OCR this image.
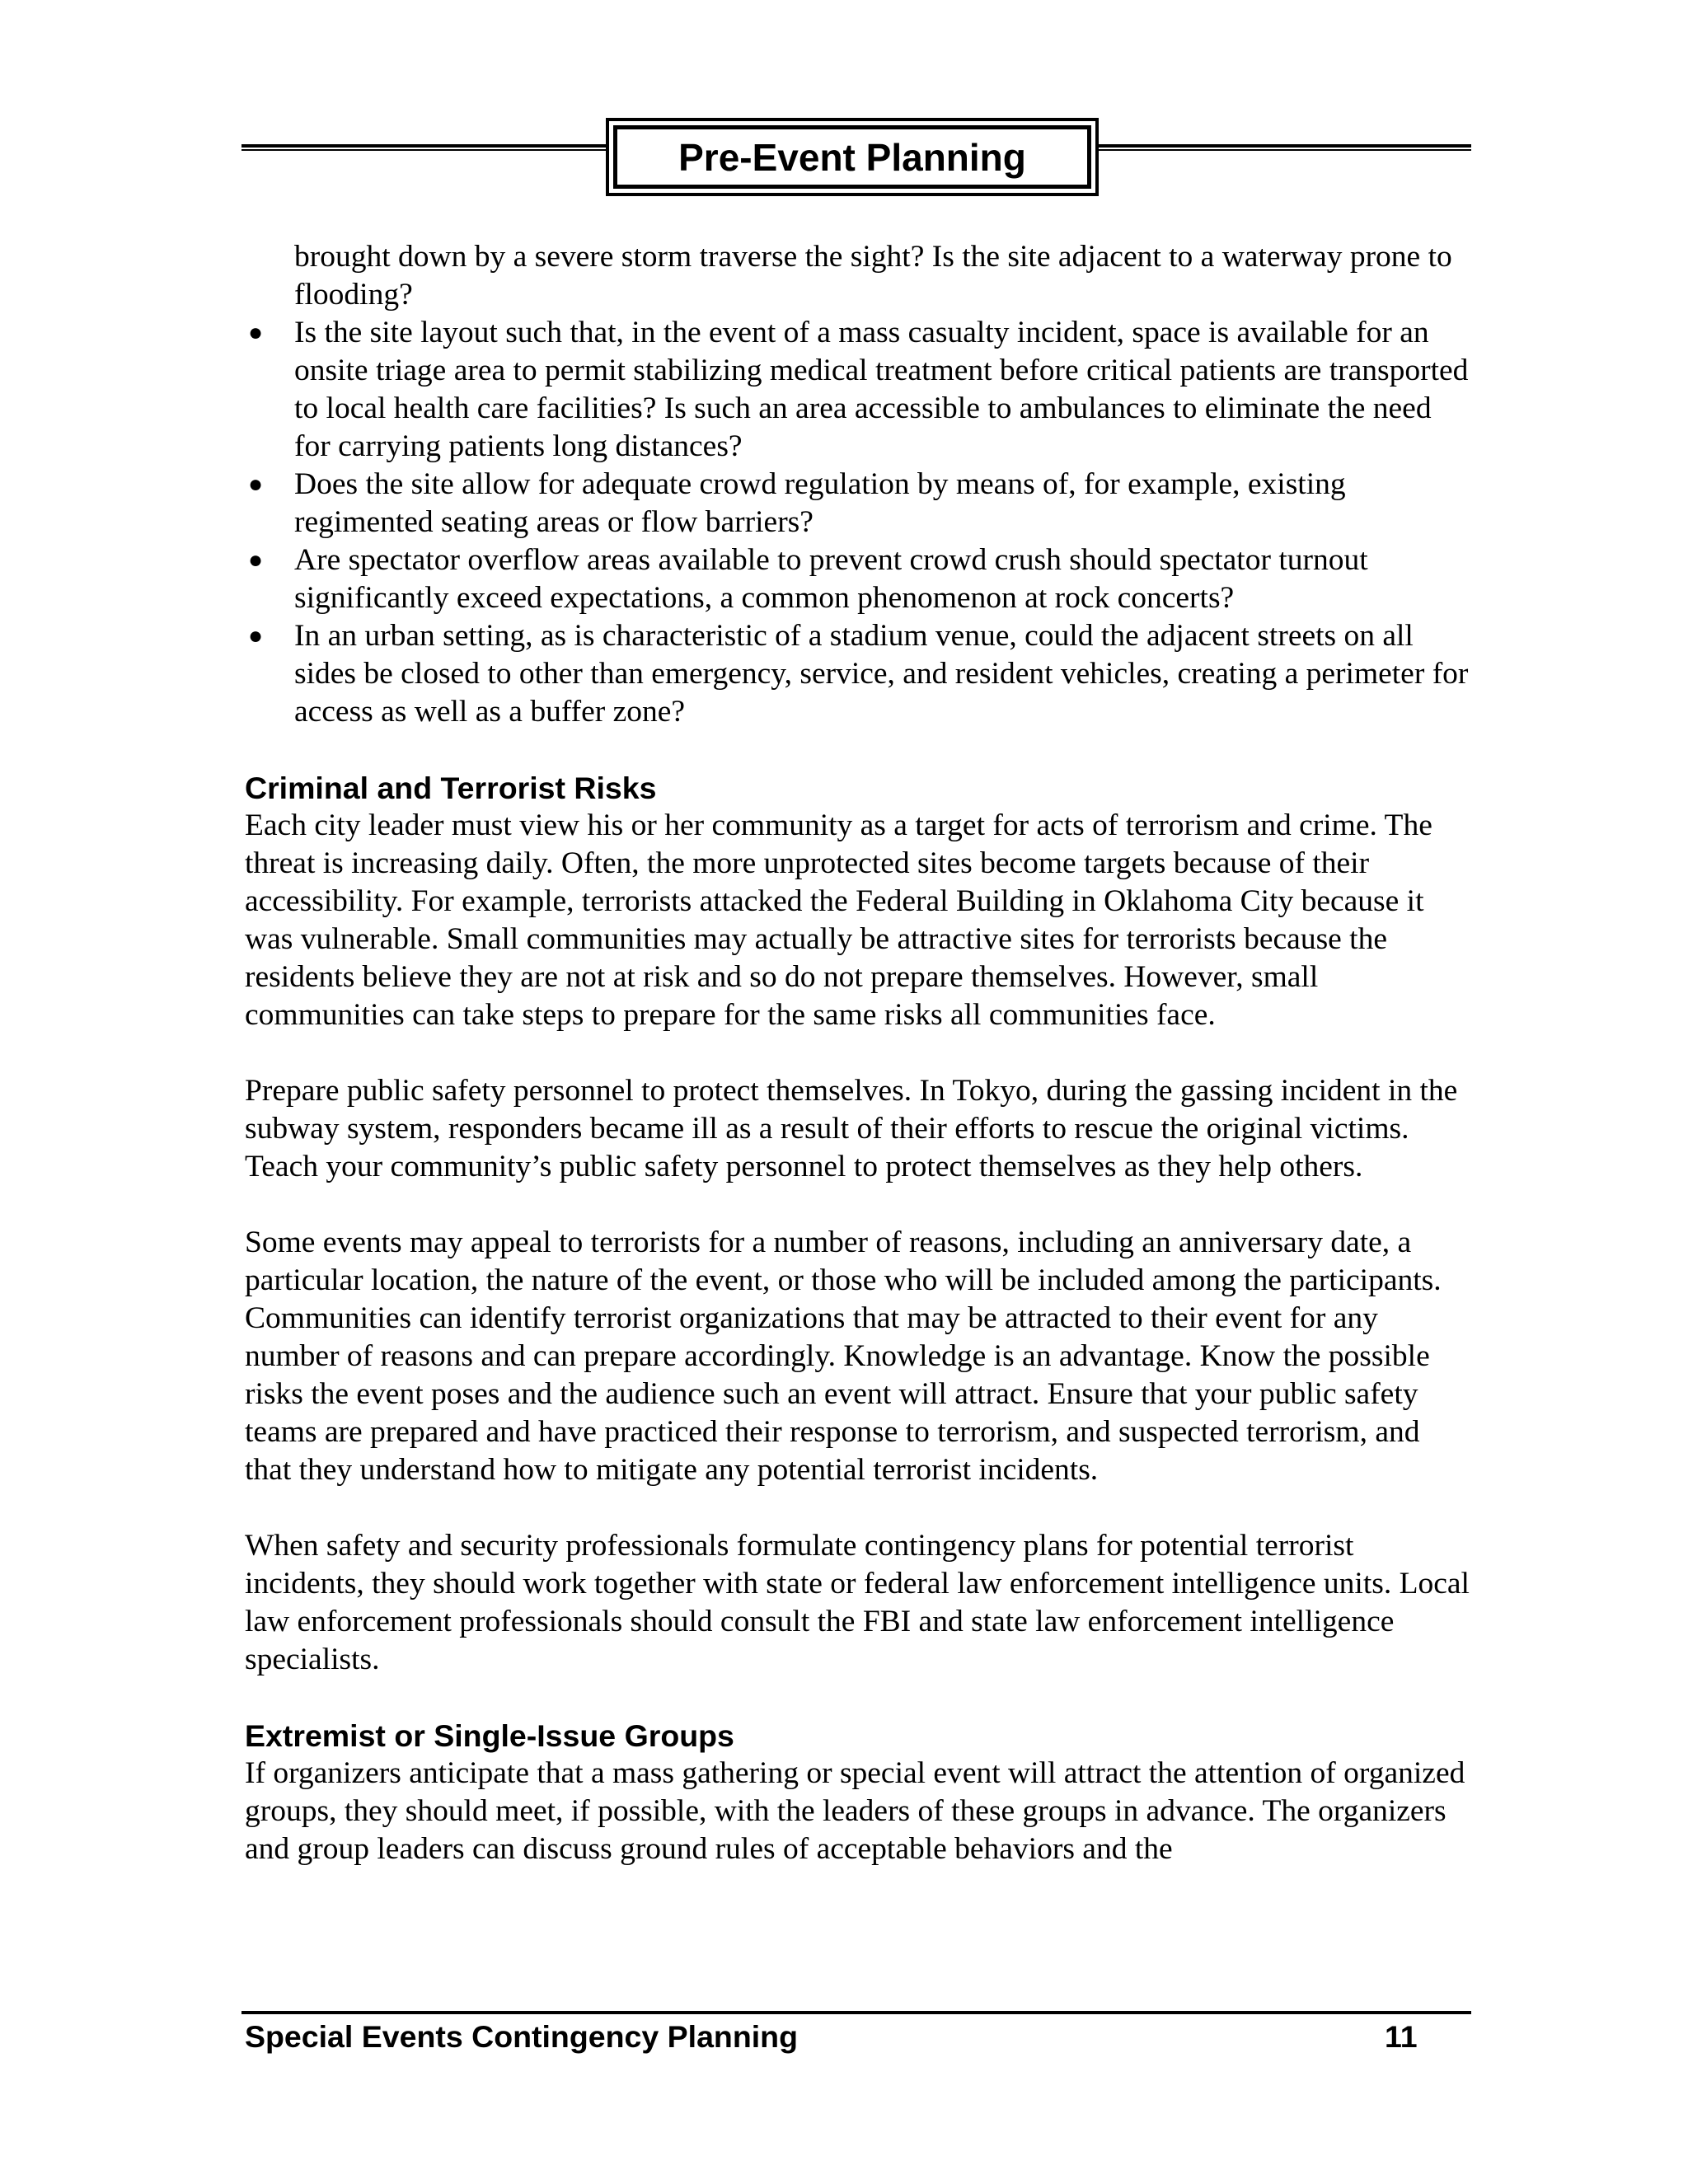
Pre-Event Planning

brought down by a severe storm traverse the sight? Is the site adjacent to a waterway prone to flooding?

● Is the site layout such that, in the event of a mass casualty incident, space is available for an onsite triage area to permit stabilizing medical treatment before critical patients are transported to local health care facilities? Is such an area accessible to ambulances to eliminate the need for carrying patients long distances?
● Does the site allow for adequate crowd regulation by means of, for example, existing regimented seating areas or flow barriers?
● Are spectator overflow areas available to prevent crowd crush should spectator turnout significantly exceed expectations, a common phenomenon at rock concerts?
● In an urban setting, as is characteristic of a stadium venue, could the adjacent streets on all sides be closed to other than emergency, service, and resident vehicles, creating a perimeter for access as well as a buffer zone?
Criminal and Terrorist Risks

Each city leader must view his or her community as a target for acts of terrorism and crime. The threat is increasing daily. Often, the more unprotected sites become targets because of their accessibility. For example, terrorists attacked the Federal Building in Oklahoma City because it was vulnerable. Small communities may actually be attractive sites for terrorists because the residents believe they are not at risk and so do not prepare themselves. However, small communities can take steps to prepare for the same risks all communities face.

Prepare public safety personnel to protect themselves. In Tokyo, during the gassing incident in the subway system, responders became ill as a result of their efforts to rescue the original victims. Teach your community’s public safety personnel to protect themselves as they help others.

Some events may appeal to terrorists for a number of reasons, including an anniversary date, a particular location, the nature of the event, or those who will be included among the participants. Communities can identify terrorist organizations that may be attracted to their event for any number of reasons and can prepare accordingly. Knowledge is an advantage. Know the possible risks the event poses and the audience such an event will attract. Ensure that your public safety teams are prepared and have practiced their response to terrorism, and suspected terrorism, and that they understand how to mitigate any potential terrorist incidents.

When safety and security professionals formulate contingency plans for potential terrorist incidents, they should work together with state or federal law enforcement intelligence units. Local law enforcement professionals should consult the FBI and state law enforcement intelligence specialists.

Extremist or Single-Issue Groups

If organizers anticipate that a mass gathering or special event will attract the attention of organized groups, they should meet, if possible, with the leaders of these groups in advance. The organizers and group leaders can discuss ground rules of acceptable behaviors and the

Special Events Contingency Planning	11
